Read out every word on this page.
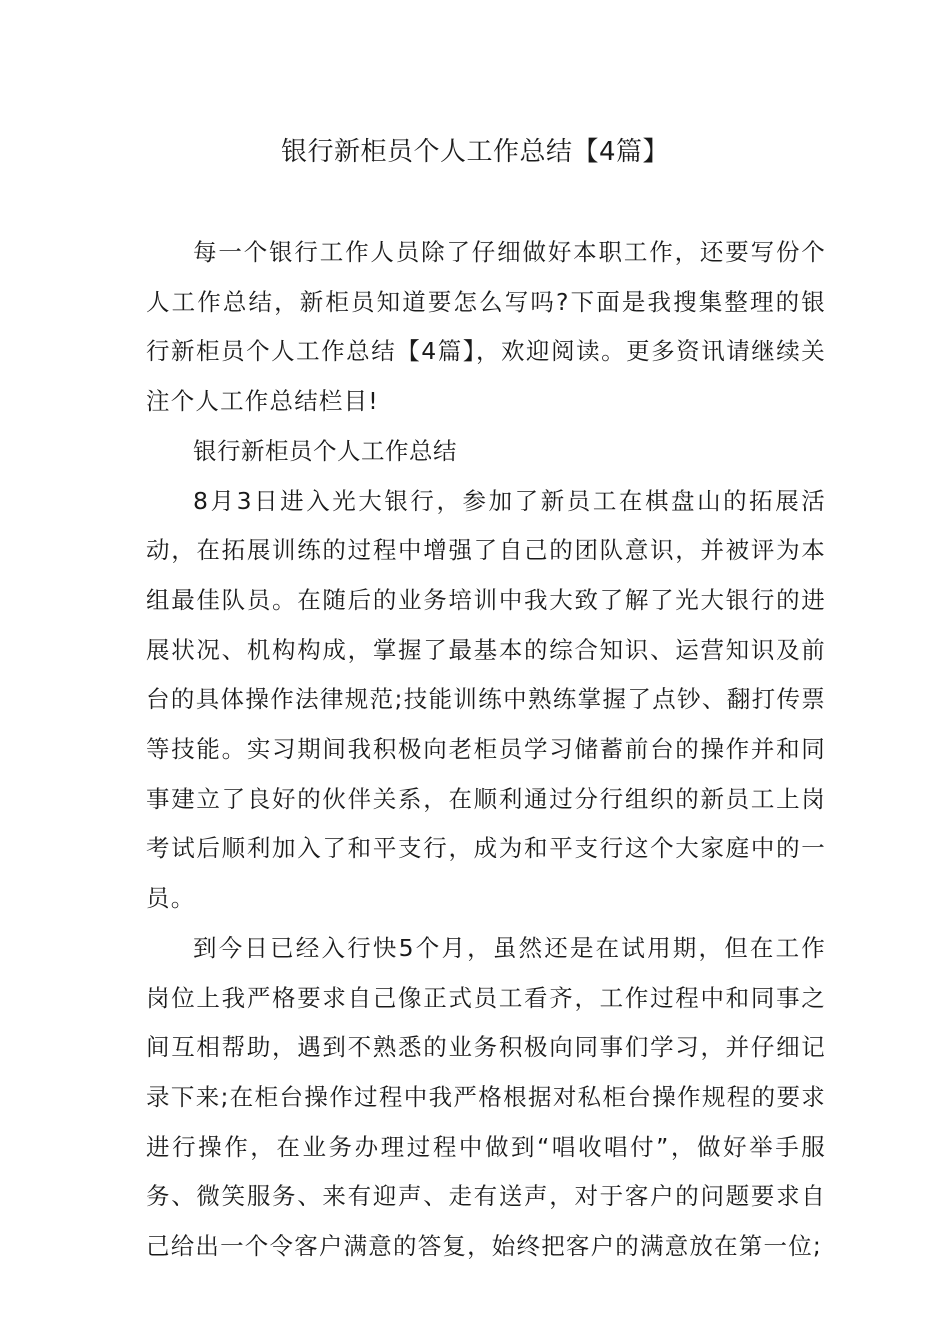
银行新柜员个人工作总结【4篇】

每一个银行工作人员除了仔细做好本职工作，还要写份个人工作总结，新柜员知道要怎么写吗?下面是我搜集整理的银行新柜员个人工作总结【4篇】，欢迎阅读。更多资讯请继续关注个人工作总结栏目!

银行新柜员个人工作总结

8月3日进入光大银行，参加了新员工在棋盘山的拓展活动，在拓展训练的过程中增强了自己的团队意识，并被评为本组最佳队员。在随后的业务培训中我大致了解了光大银行的进展状况、机构构成，掌握了最基本的综合知识、运营知识及前台的具体操作法律规范;技能训练中熟练掌握了点钞、翻打传票等技能。实习期间我积极向老柜员学习储蓄前台的操作并和同事建立了良好的伙伴关系，在顺利通过分行组织的新员工上岗考试后顺利加入了和平支行，成为和平支行这个大家庭中的一员。

到今日已经入行快5个月，虽然还是在试用期，但在工作岗位上我严格要求自己像正式员工看齐，工作过程中和同事之间互相帮助，遇到不熟悉的业务积极向同事们学习，并仔细记录下来;在柜台操作过程中我严格根据对私柜台操作规程的要求进行操作，在业务办理过程中做到“唱收唱付”，做好举手服务、微笑服务、来有迎声、走有送声，对于客户的问题要求自己给出一个令客户满意的答复，始终把客户的满意放在第一位;
